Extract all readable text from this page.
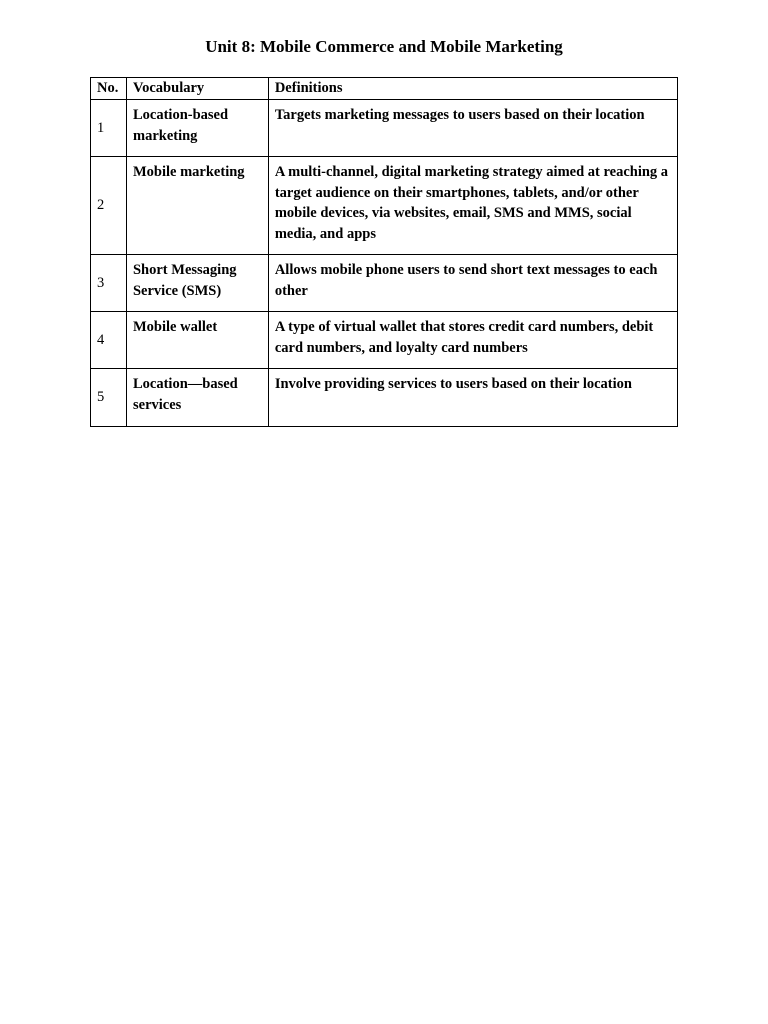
Unit 8: Mobile Commerce and Mobile Marketing
No.	Vocabulary	Definitions
1	Location-based marketing	Targets marketing messages to users based on their location
2	Mobile marketing	A multi-channel, digital marketing strategy aimed at reaching a target audience on their smartphones, tablets, and/or other mobile devices, via websites, email, SMS and MMS, social media, and apps
3	Short Messaging Service (SMS)	Allows mobile phone users to send short text messages to each other
4	Mobile wallet	A type of virtual wallet that stores credit card numbers, debit card numbers, and loyalty card numbers
5	Location—based services	Involve providing services to users based on their location
